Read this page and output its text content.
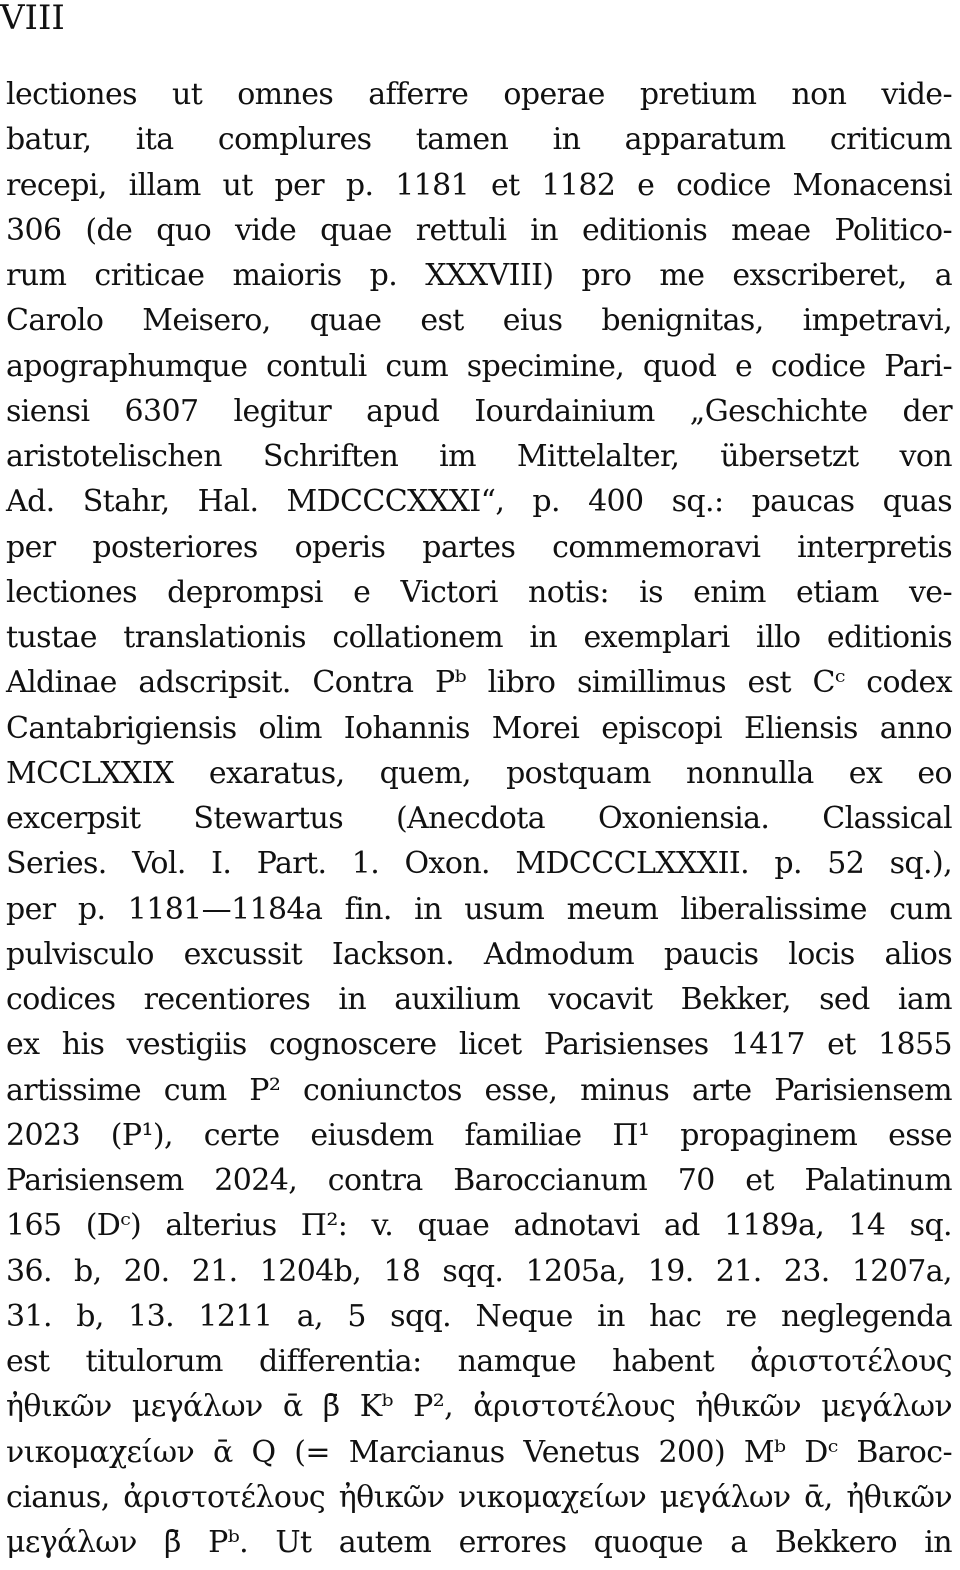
VIII
lectiones ut omnes afferre operae pretium non vide-
batur, ita complures tamen in apparatum criticum
recepi, illam ut per p. 1181 et 1182 e codice Monacensi
306 (de quo vide quae rettuli in editionis meae Politico-
rum criticae maioris p. XXXVIII) pro me exscriberet, a
Carolo Meisero, quae est eius benignitas, impetravi,
apographumque contuli cum specimine, quod e codice Pari-
siensi 6307 legitur apud Iourdainium „Geschichte der
aristotelischen Schriften im Mittelalter, übersetzt von
Ad. Stahr, Hal. MDCCCXXXI“, p. 400 sq.: paucas quas
per posteriores operis partes commemoravi interpretis
lectiones deprompsi e Victori notis: is enim etiam ve-
tustae translationis collationem in exemplari illo editionis
Aldinae adscripsit. Contra Pᵇ libro simillimus est Cᶜ codex
Cantabrigiensis olim Iohannis Morei episcopi Eliensis anno
MCCLXXIX exaratus, quem, postquam nonnulla ex eo
excerpsit Stewartus (Anecdota Oxoniensia. Classical
Series. Vol. I. Part. 1. Oxon. MDCCCLXXXII. p. 52 sq.),
per p. 1181—1184a fin. in usum meum liberalissime cum
pulvisculo excussit Iackson. Admodum paucis locis alios
codices recentiores in auxilium vocavit Bekker, sed iam
ex his vestigiis cognoscere licet Parisienses 1417 et 1855
artissime cum P² coniunctos esse, minus arte Parisiensem
2023 (P¹), certe eiusdem familiae Π¹ propaginem esse
Parisiensem 2024, contra Baroccianum 70 et Palatinum
165 (Dᶜ) alterius Π²: v. quae adnotavi ad 1189a, 14 sq.
36. b, 20. 21. 1204b, 18 sqq. 1205a, 19. 21. 23. 1207a,
31. b, 13. 1211 a, 5 sqq. Neque in hac re neglegenda
est titulorum differentia: namque habent ἀριστοτέλους
ἠθικῶν μεγάλων ᾱ β̄ Kᵇ P², ἀριστοτέλους ἠθικῶν μεγάλων
νικομαχείων ᾱ Q (= Marcianus Venetus 200) Mᵇ Dᶜ Baroc-
cianus, ἀριστοτέλους ἠθικῶν νικομαχείων μεγάλων ᾱ, ἠθικῶν
μεγάλων β̄ Pᵇ. Ut autem errores quoque a Bekkero in
